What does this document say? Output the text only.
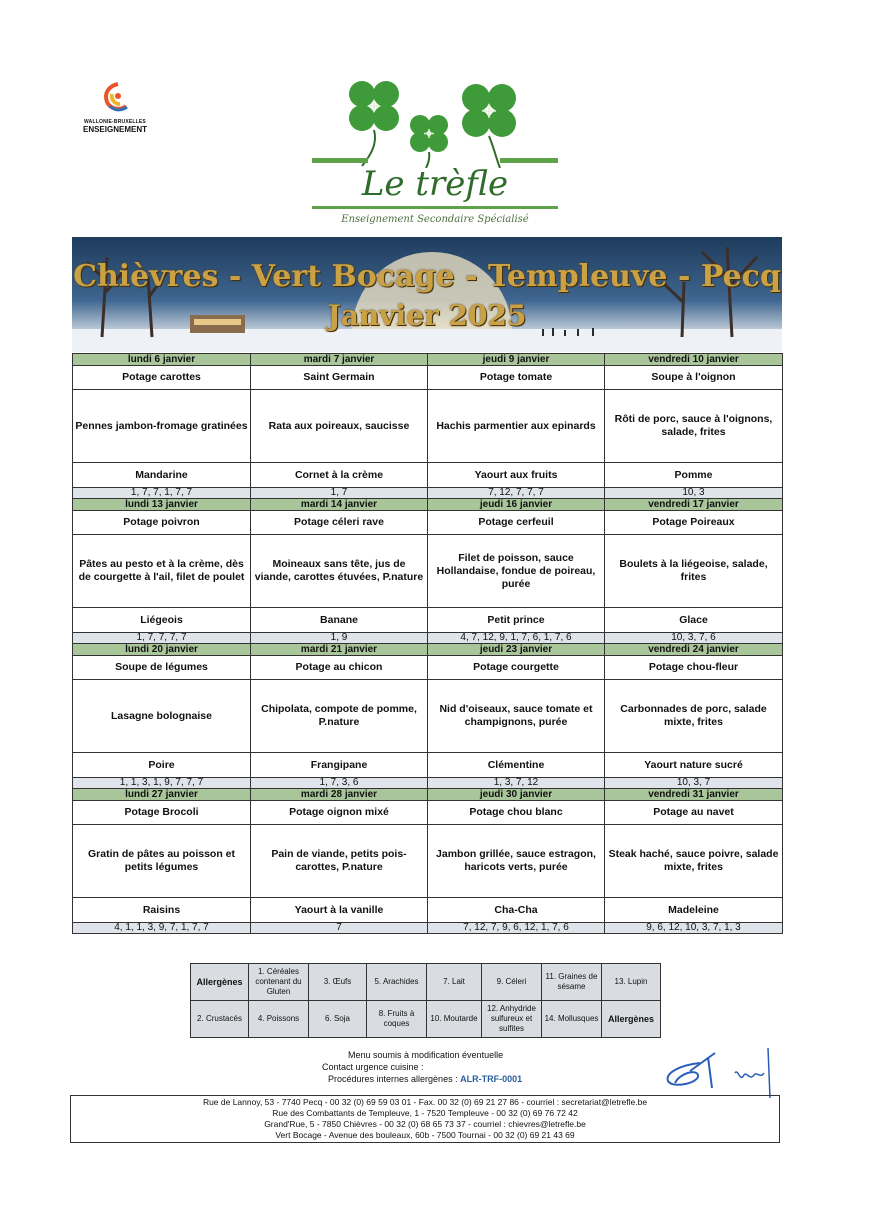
WALLONIE-BRUXELLES
ENSEIGNEMENT
Le trèfle
Enseignement Secondaire Spécialisé
Chièvres - Vert Bocage - Templeuve - Pecq
Janvier 2025
lundi 6 janvier	mardi 7 janvier	jeudi 9 janvier	vendredi 10 janvier
Potage carottes	Saint Germain	Potage tomate	Soupe à l'oignon
Pennes jambon-fromage gratinées	Rata aux poireaux, saucisse	Hachis parmentier aux epinards	Rôti de porc, sauce à l'oignons, salade, frites
Mandarine	Cornet à la crème	Yaourt aux fruits	Pomme
1, 7, 7, 1, 7, 7	1, 7	7, 12, 7, 7, 7	10, 3
lundi 13 janvier	mardi 14 janvier	jeudi 16 janvier	vendredi 17 janvier
Potage poivron	Potage céleri rave	Potage cerfeuil	Potage Poireaux
Pâtes au pesto et à la crème, dès de courgette à l'ail, filet de poulet	Moineaux sans tête, jus de viande, carottes étuvées, P.nature	Filet de poisson, sauce Hollandaise, fondue de poireau, purée	Boulets à la liégeoise, salade, frites
Liégeois	Banane	Petit prince	Glace
1, 7, 7, 7, 7	1, 9	4, 7, 12, 9, 1, 7, 6, 1, 7, 6	10, 3, 7, 6
lundi 20 janvier	mardi 21 janvier	jeudi 23 janvier	vendredi 24 janvier
Soupe de légumes	Potage au chicon	Potage courgette	Potage chou-fleur
Lasagne bolognaise	Chipolata, compote de pomme, P.nature	Nid d'oiseaux, sauce tomate et champignons, purée	Carbonnades de porc, salade mixte, frites
Poire	Frangipane	Clémentine	Yaourt nature sucré
1, 1, 3, 1, 9, 7, 7, 7	1, 7, 3, 6	1, 3, 7, 12	10, 3, 7
lundi 27 janvier	mardi 28 janvier	jeudi 30 janvier	vendredi 31 janvier
Potage Brocoli	Potage oignon mixé	Potage chou blanc	Potage au navet
Gratin de pâtes au poisson et petits légumes	Pain de viande, petits pois-carottes, P.nature	Jambon grillée, sauce estragon, haricots verts, purée	Steak haché, sauce poivre, salade mixte, frites
Raisins	Yaourt à la vanille	Cha-Cha	Madeleine
4, 1, 1, 3, 9, 7, 1, 7, 7	7	7, 12, 7, 9, 6, 12, 1, 7, 6	9, 6, 12, 10, 3, 7, 1, 3
Allergènes	1. Céréales contenant du Gluten	3. Œufs	5. Arachides	7. Lait	9. Céleri	11. Graines de sésame	13. Lupin
2. Crustacés	4. Poissons	6. Soja	8. Fruits à coques	10. Moutarde	12. Anhydride sulfureux et sulfites	14. Mollusques	Allergènes
Menu soumis à modification éventuelle
Contact urgence cuisine :
Procédures internes allergènes : ALR-TRF-0001
Rue de Lannoy, 53 - 7740 Pecq - 00 32 (0) 69 59 03 01 - Fax. 00 32 (0) 69 21 27 86 - courriel : secretariat@letrefle.be
Rue des Combattants de Templeuve, 1 - 7520 Templeuve - 00 32 (0) 69 76 72 42
Grand'Rue, 5 - 7850 Chièvres - 00 32 (0) 68 65 73 37 - courriel : chievres@letrefle.be
Vert Bocage - Avenue des bouleaux, 60b - 7500 Tournai - 00 32 (0) 69 21 43 69
